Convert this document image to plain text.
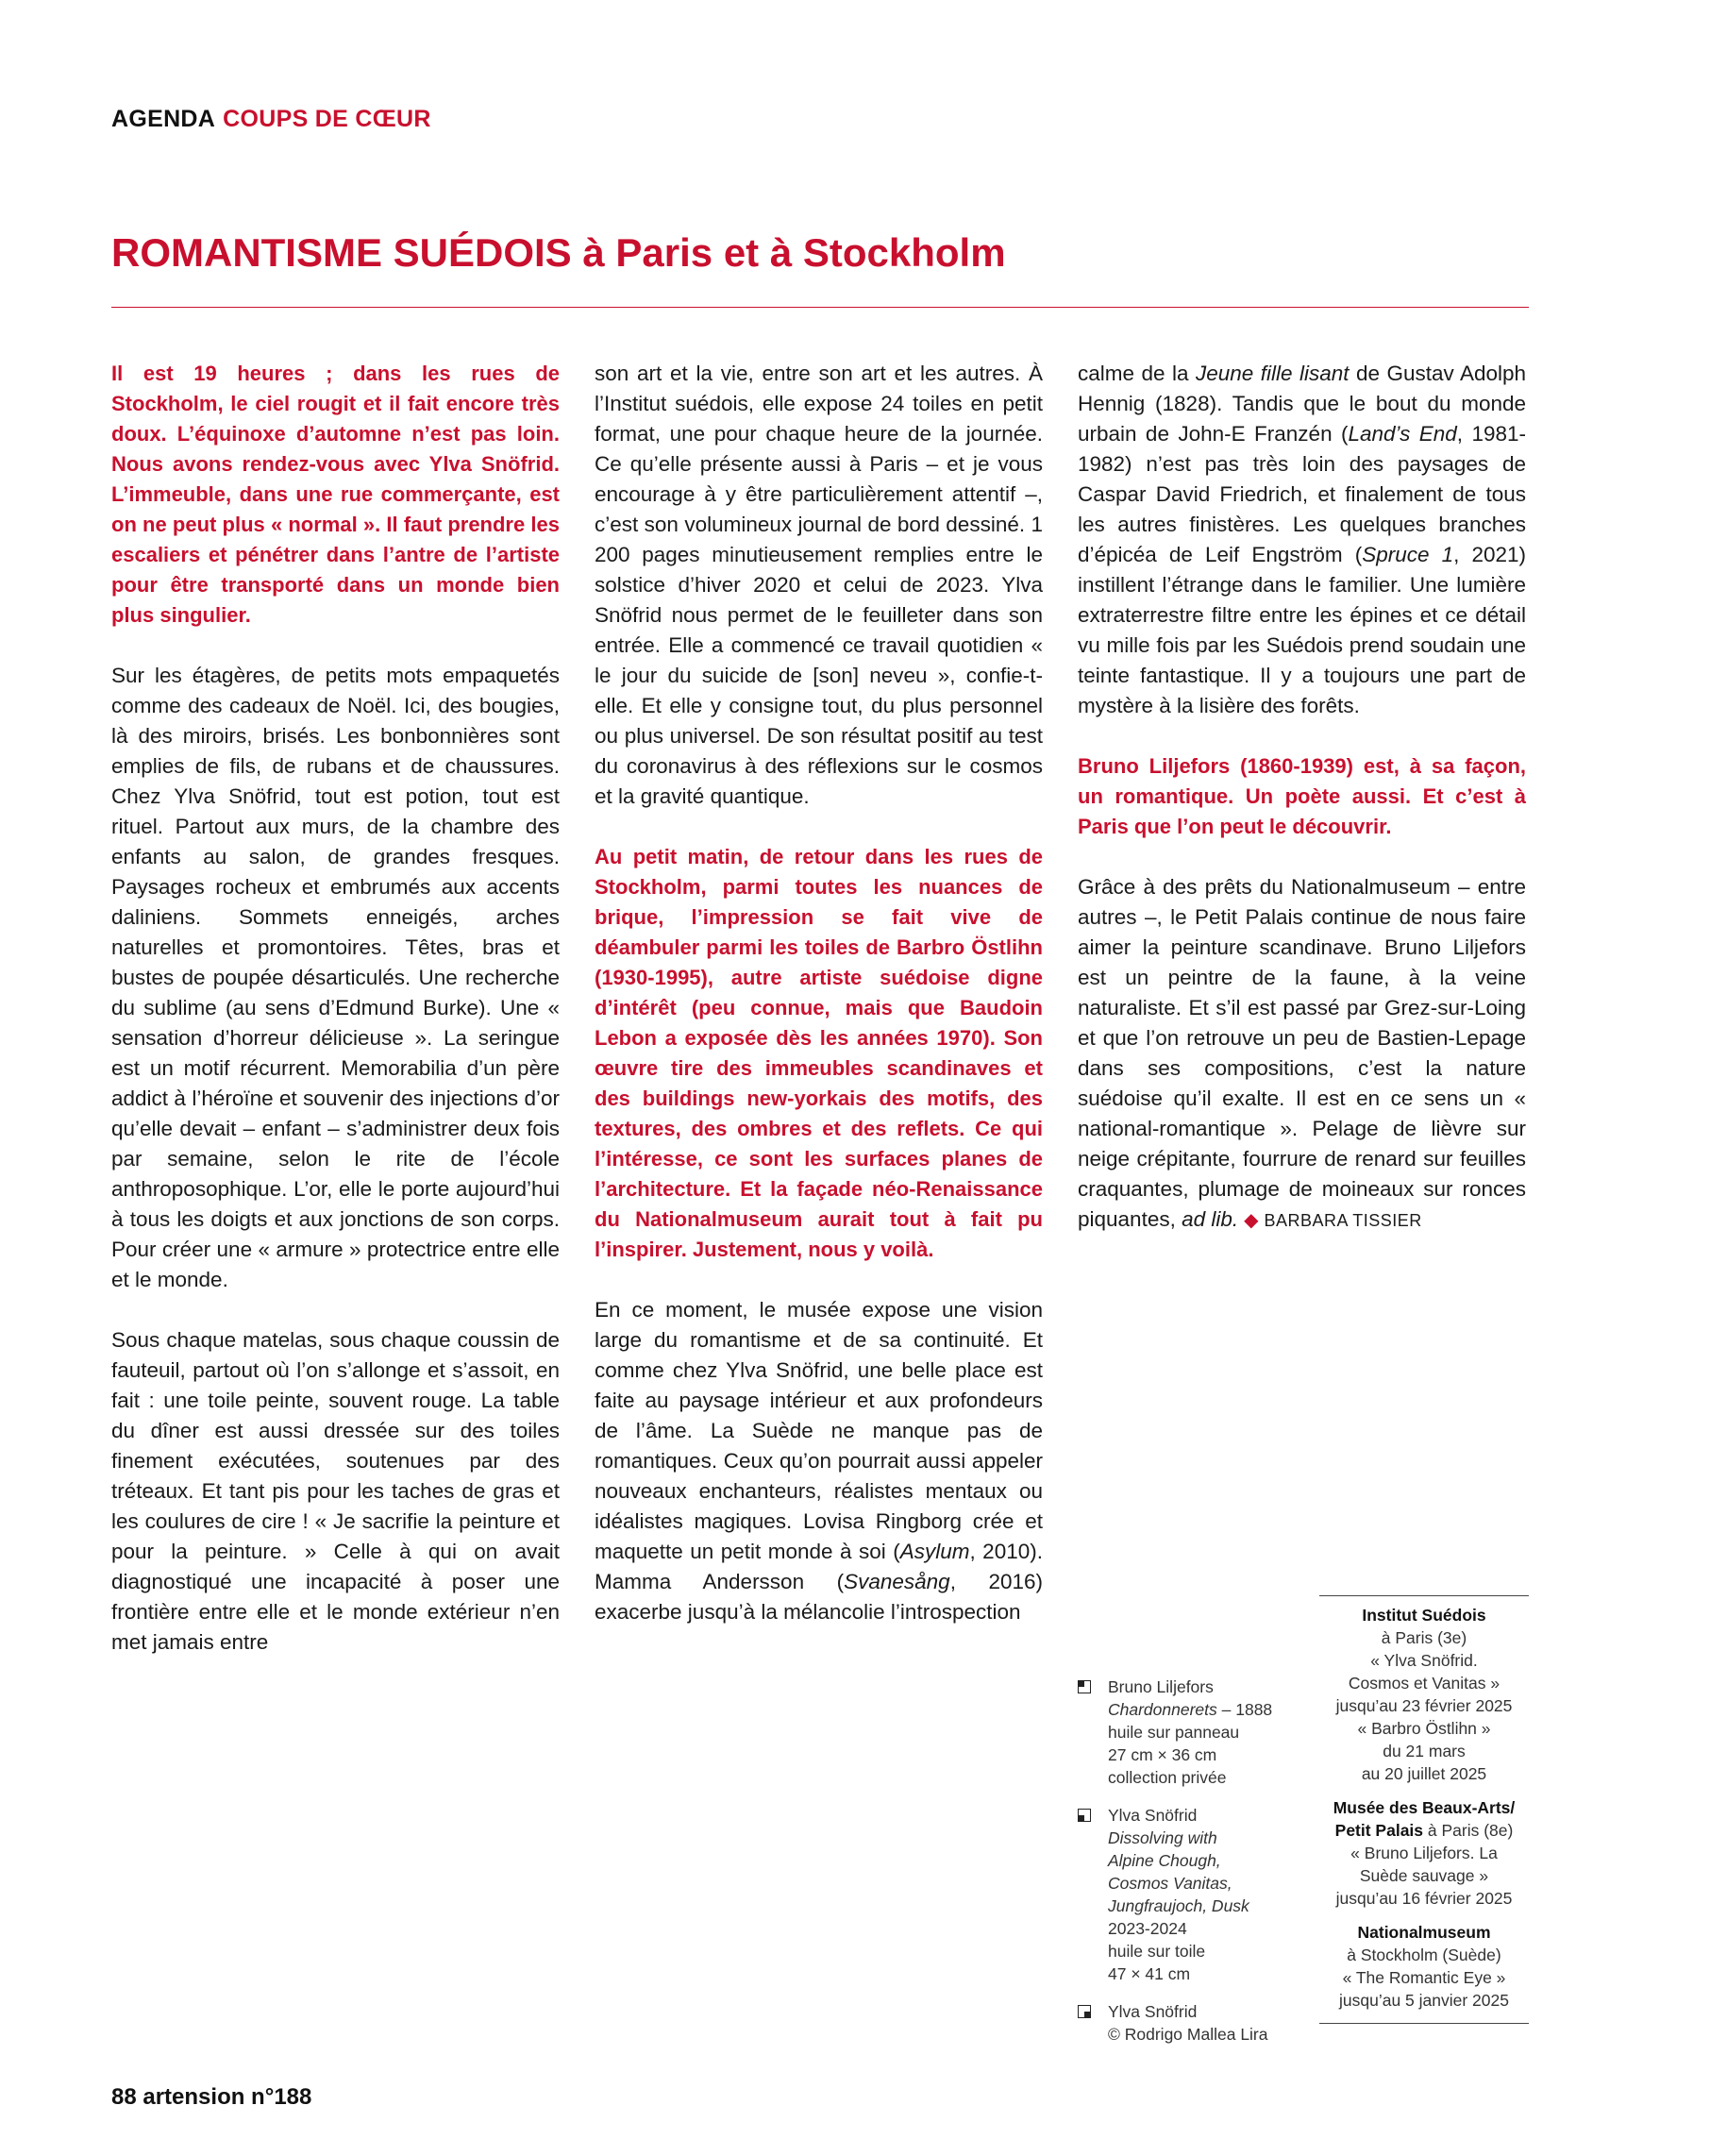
AGENDA COUPS DE CŒUR
ROMANTISME SUÉDOIS à Paris et à Stockholm

Il est 19 heures ; dans les rues de Stockholm, le ciel rougit et il fait encore très doux. L’équinoxe d’automne n’est pas loin. Nous avons rendez-vous avec Ylva Snöfrid. L’immeuble, dans une rue commerçante, est on ne peut plus « normal ». Il faut prendre les escaliers et pénétrer dans l’antre de l’artiste pour être transporté dans un monde bien plus singulier.

Sur les étagères, de petits mots empaquetés comme des cadeaux de Noël. Ici, des bougies, là des miroirs, brisés. Les bonbonnières sont emplies de fils, de rubans et de chaussures. Chez Ylva Snöfrid, tout est potion, tout est rituel. Partout aux murs, de la chambre des enfants au salon, de grandes fresques. Paysages rocheux et embrumés aux accents daliniens. Sommets enneigés, arches naturelles et promontoires. Têtes, bras et bustes de poupée désarticulés. Une recherche du sublime (au sens d’Edmund Burke). Une « sensation d’horreur délicieuse ». La seringue est un motif récurrent. Memorabilia d’un père addict à l’héroïne et souvenir des injections d’or qu’elle devait – enfant – s’administrer deux fois par semaine, selon le rite de l’école anthroposophique. L’or, elle le porte aujourd’hui à tous les doigts et aux jonctions de son corps. Pour créer une « armure » protectrice entre elle et le monde.

Sous chaque matelas, sous chaque coussin de fauteuil, partout où l’on s’allonge et s’assoit, en fait : une toile peinte, souvent rouge. La table du dîner est aussi dressée sur des toiles finement exécutées, soutenues par des tréteaux. Et tant pis pour les taches de gras et les coulures de cire ! « Je sacrifie la peinture et pour la peinture. » Celle à qui on avait diagnostiqué une incapacité à poser une frontière entre elle et le monde extérieur n’en met jamais entre

son art et la vie, entre son art et les autres. À l’Institut suédois, elle expose 24 toiles en petit format, une pour chaque heure de la journée. Ce qu’elle présente aussi à Paris – et je vous encourage à y être particulièrement attentif –, c’est son volumineux journal de bord dessiné. 1 200 pages minutieusement remplies entre le solstice d’hiver 2020 et celui de 2023. Ylva Snöfrid nous permet de le feuilleter dans son entrée. Elle a commencé ce travail quotidien « le jour du suicide de [son] neveu », confie-t-elle. Et elle y consigne tout, du plus personnel ou plus universel. De son résultat positif au test du coronavirus à des réflexions sur le cosmos et la gravité quantique.

Au petit matin, de retour dans les rues de Stockholm, parmi toutes les nuances de brique, l’impression se fait vive de déambuler parmi les toiles de Barbro Östlihn (1930-1995), autre artiste suédoise digne d’intérêt (peu connue, mais que Baudoin Lebon a exposée dès les années 1970). Son œuvre tire des immeubles scandinaves et des buildings new-yorkais des motifs, des textures, des ombres et des reflets. Ce qui l’intéresse, ce sont les surfaces planes de l’architecture. Et la façade néo-Renaissance du Nationalmuseum aurait tout à fait pu l’inspirer. Justement, nous y voilà.

En ce moment, le musée expose une vision large du romantisme et de sa continuité. Et comme chez Ylva Snöfrid, une belle place est faite au paysage intérieur et aux profondeurs de l’âme. La Suède ne manque pas de romantiques. Ceux qu’on pourrait aussi appeler nouveaux enchanteurs, réalistes mentaux ou idéalistes magiques. Lovisa Ringborg crée et maquette un petit monde à soi (Asylum, 2010). Mamma Andersson (Svanesång, 2016) exacerbe jusqu’à la mélancolie l’introspection

calme de la Jeune fille lisant de Gustav Adolph Hennig (1828). Tandis que le bout du monde urbain de John-E Franzén (Land’s End, 1981-1982) n’est pas très loin des paysages de Caspar David Friedrich, et finalement de tous les autres finistères. Les quelques branches d’épicéa de Leif Engström (Spruce 1, 2021) instillent l’étrange dans le familier. Une lumière extraterrestre filtre entre les épines et ce détail vu mille fois par les Suédois prend soudain une teinte fantastique. Il y a toujours une part de mystère à la lisière des forêts.

Bruno Liljefors (1860-1939) est, à sa façon, un romantique. Un poète aussi. Et c’est à Paris que l’on peut le découvrir.

Grâce à des prêts du Nationalmuseum – entre autres –, le Petit Palais continue de nous faire aimer la peinture scandinave. Bruno Liljefors est un peintre de la faune, à la veine naturaliste. Et s’il est passé par Grez-sur-Loing et que l’on retrouve un peu de Bastien-Lepage dans ses compositions, c’est la nature suédoise qu’il exalte. Il est en ce sens un « national-romantique ». Pelage de lièvre sur neige crépitante, fourrure de renard sur feuilles craquantes, plumage de moineaux sur ronces piquantes, ad lib. ◆ BARBARA TISSIER

Bruno Liljefors
Chardonnerets – 1888
huile sur panneau
27 cm × 36 cm
collection privée
Ylva Snöfrid
Dissolving with
Alpine Chough,
Cosmos Vanitas,
Jungfraujoch, Dusk
2023-2024
huile sur toile
47 × 41 cm
Ylva Snöfrid
© Rodrigo Mallea Lira
Institut Suédois
à Paris (3e)
« Ylva Snöfrid.
Cosmos et Vanitas »
jusqu’au 23 février 2025
« Barbro Östlihn »
du 21 mars
au 20 juillet 2025
Musée des Beaux-Arts/
Petit Palais à Paris (8e)
« Bruno Liljefors. La
Suède sauvage »
jusqu’au 16 février 2025
Nationalmuseum
à Stockholm (Suède)
« The Romantic Eye »
jusqu’au 5 janvier 2025
88 artension n°188
